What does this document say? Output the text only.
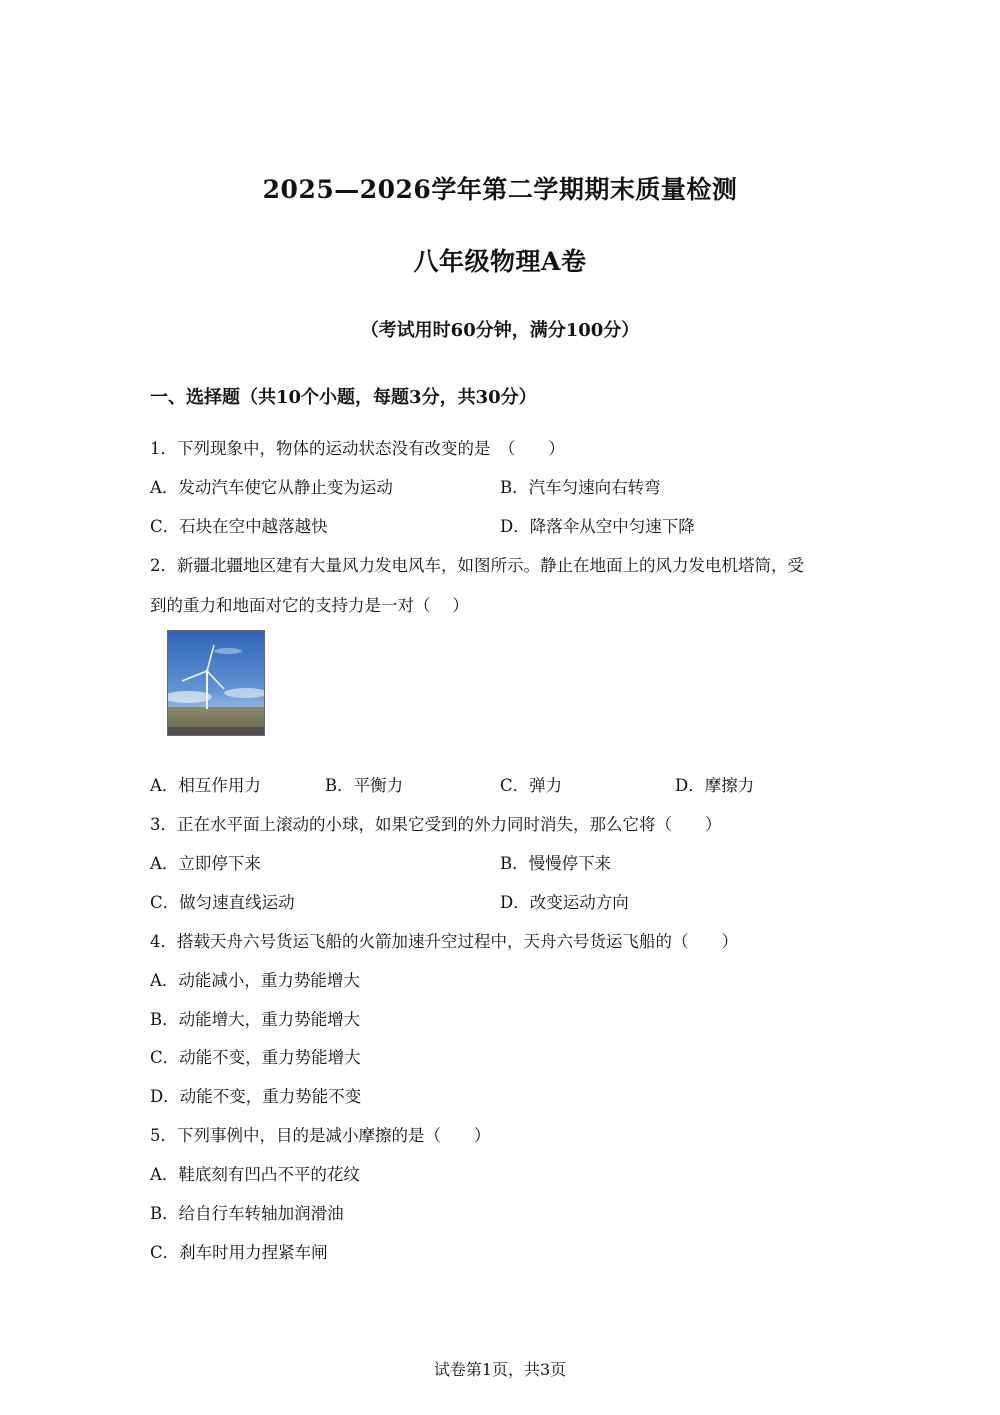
2025—2026学年第二学期期末质量检测
八年级物理A卷
（考试用时60分钟，满分100分）
一、选择题（共10个小题，每题3分，共30分）
1．下列现象中，物体的运动状态没有改变的是　（　　）
A．发动汽车使它从静止变为运动	B．汽车匀速向右转弯
C．石块在空中越落越快	D．降落伞从空中匀速下降
2．新疆北疆地区建有大量风力发电风车，如图所示。静止在地面上的风力发电机塔筒，受
到的重力和地面对它的支持力是一对（　 ）
A．相互作用力	B．平衡力	C．弹力	D．摩擦力
3．正在水平面上滚动的小球，如果它受到的外力同时消失，那么它将（　　）
A．立即停下来	B．慢慢停下来
C．做匀速直线运动	D．改变运动方向
4．搭载天舟六号货运飞船的火箭加速升空过程中，天舟六号货运飞船的（　　）
A．动能减小，重力势能增大
B．动能增大，重力势能增大
C．动能不变，重力势能增大
D．动能不变，重力势能不变
5．下列事例中，目的是减小摩擦的是（　　）
A．鞋底刻有凹凸不平的花纹
B．给自行车转轴加润滑油
C．刹车时用力捏紧车闸
试卷第1页，共3页
